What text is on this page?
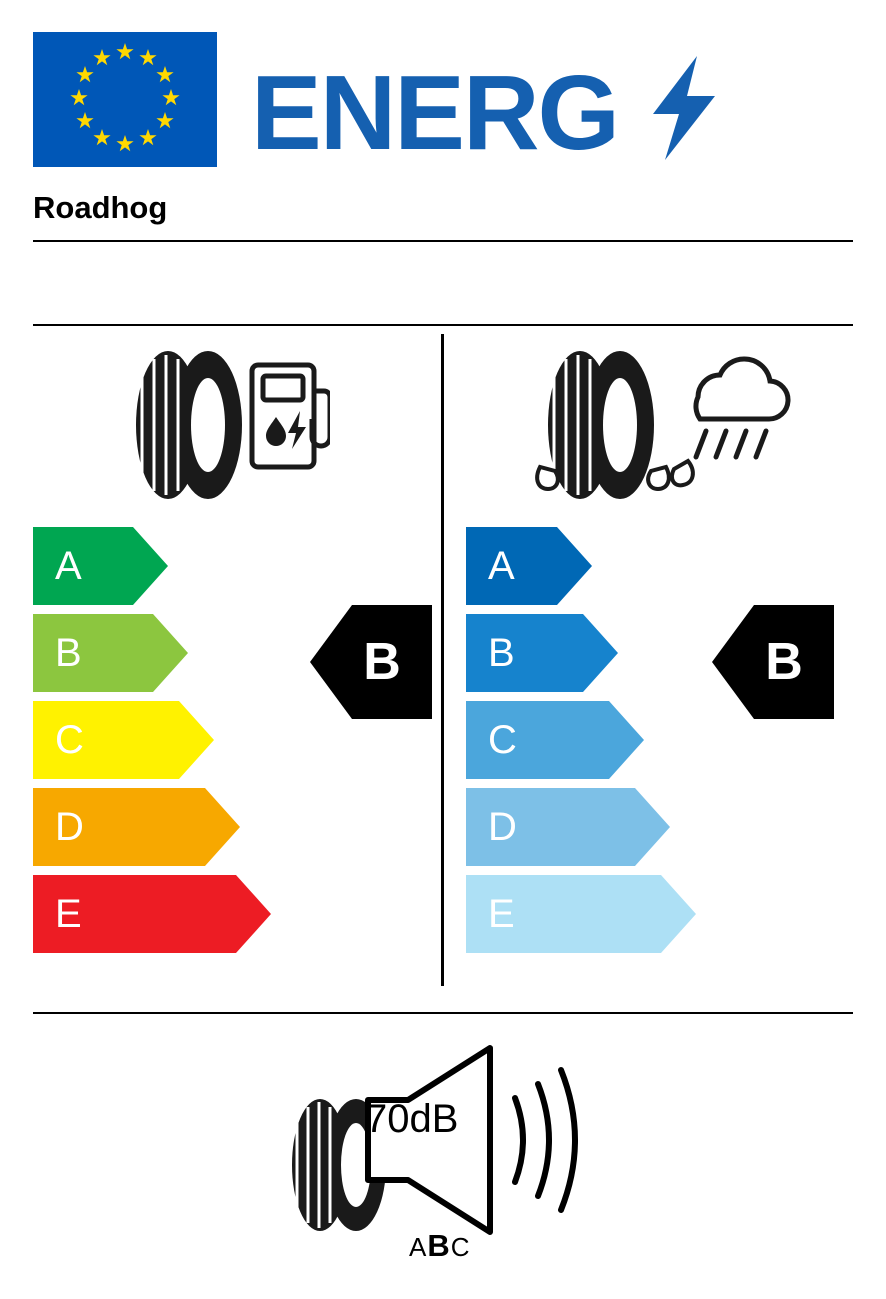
ENERG
Roadhog
A
B
C
D
E
B
A
B
C
D
E
B
70dB
ABC
